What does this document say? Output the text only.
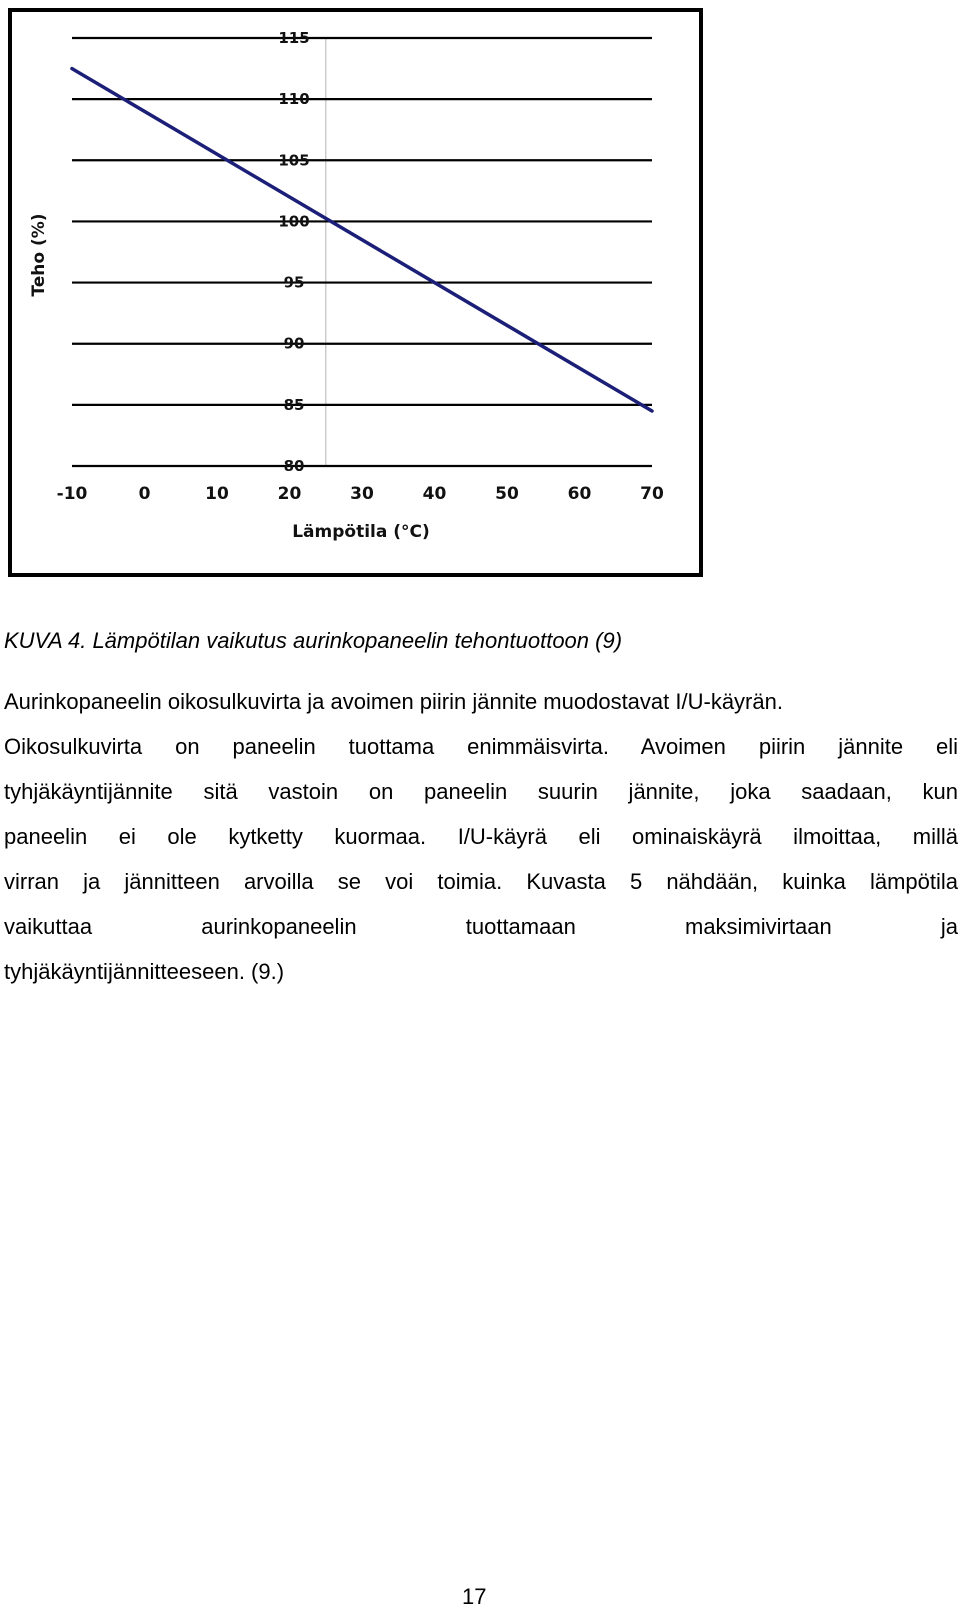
80
85
90
95
100
105
110
115
-10	0	10	20	30	40	50	60	70
Teho (%)
Lämpötila (°C)
KUVA 4. Lämpötilan vaikutus aurinkopaneelin tehontuottoon (9)
Aurinkopaneelin oikosulkuvirta ja avoimen piirin jännite muodostavat I/U-käyrän.
Oikosulkuvirta on paneelin tuottama enimmäisvirta. Avoimen piirin jännite eli
tyhjäkäyntijännite sitä vastoin on paneelin suurin jännite, joka saadaan, kun
paneelin ei ole kytketty kuormaa. I/U-käyrä eli ominaiskäyrä ilmoittaa, millä
virran ja jännitteen arvoilla se voi toimia. Kuvasta 5 nähdään, kuinka lämpötila
vaikuttaa aurinkopaneelin tuottamaan maksimivirtaan ja
tyhjäkäyntijännitteeseen. (9.)
17
